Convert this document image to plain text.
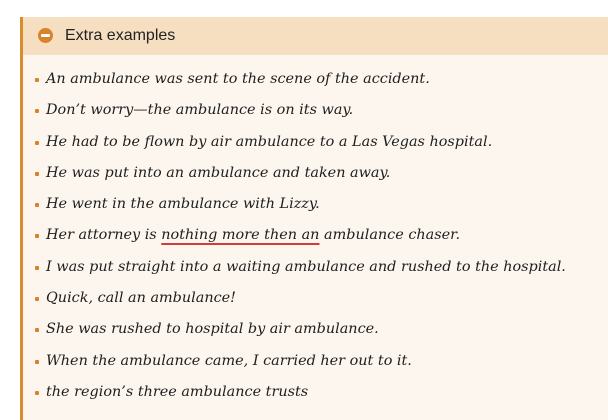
Extra examples
An ambulance was sent to the scene of the accident.
Don’t worry—the ambulance is on its way.
He had to be flown by air ambulance to a Las Vegas hospital.
He was put into an ambulance and taken away.
He went in the ambulance with Lizzy.
Her attorney is nothing more then an ambulance chaser.
I was put straight into a waiting ambulance and rushed to the hospital.
Quick, call an ambulance!
She was rushed to hospital by air ambulance.
When the ambulance came, I carried her out to it.
the region’s three ambulance trusts
